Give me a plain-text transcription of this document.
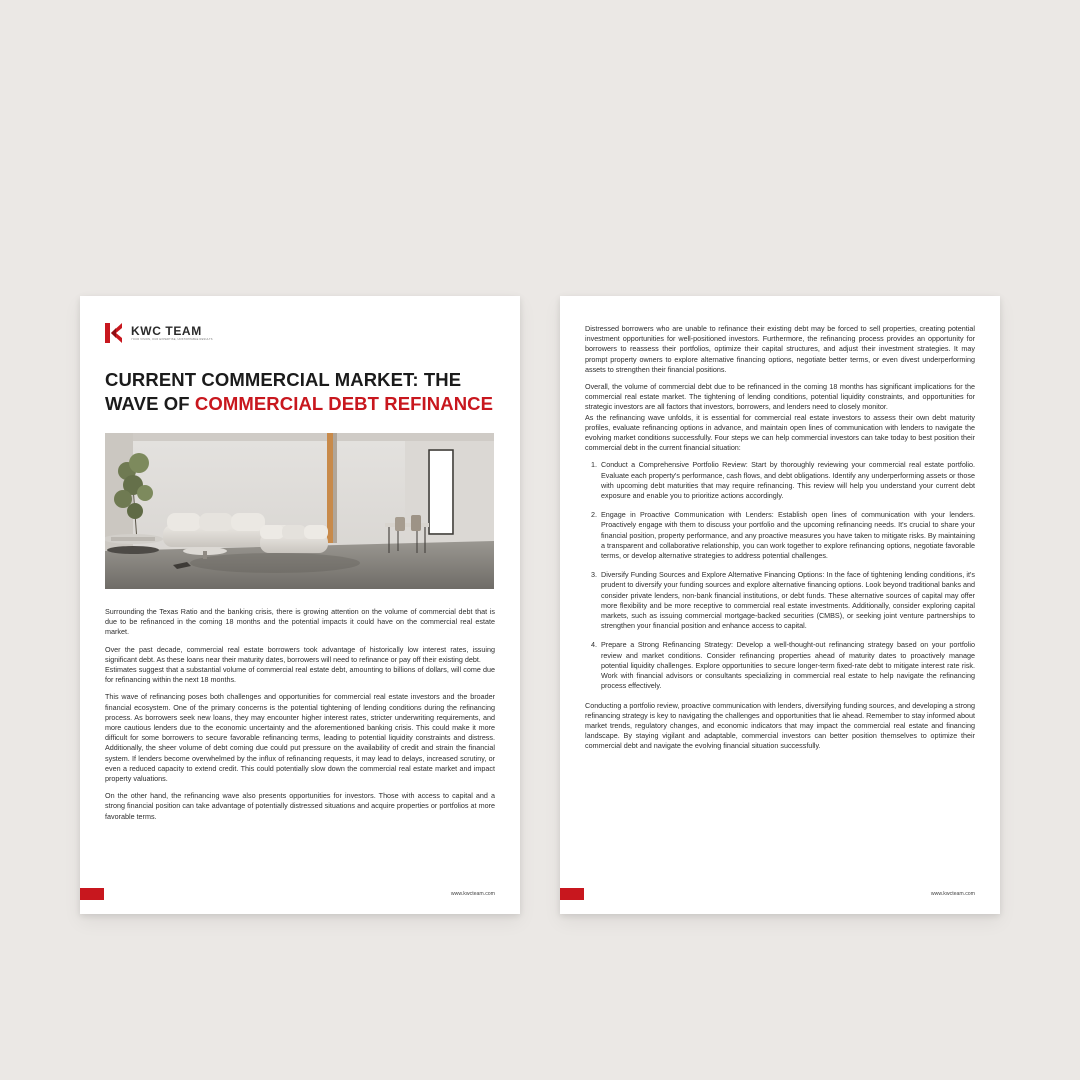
KWC TEAM
YOUR VISION, OUR EXPERTISE, UNSTOPPABLE RESULTS
CURRENT COMMERCIAL MARKET: THE WAVE OF COMMERCIAL DEBT REFINANCE

Surrounding the Texas Ratio and the banking crisis, there is growing attention on the volume of commercial debt that is due to be refinanced in the coming 18 months and the potential impacts it could have on the commercial real estate market.

Over the past decade, commercial real estate borrowers took advantage of historically low interest rates, issuing significant debt. As these loans near their maturity dates, borrowers will need to refinance or pay off their existing debt.

Estimates suggest that a substantial volume of commercial real estate debt, amounting to billions of dollars, will come due for refinancing within the next 18 months.

This wave of refinancing poses both challenges and opportunities for commercial real estate investors and the broader financial ecosystem. One of the primary concerns is the potential tightening of lending conditions during the refinancing process. As borrowers seek new loans, they may encounter higher interest rates, stricter underwriting requirements, and more cautious lenders due to the economic uncertainty and the aforementioned banking crisis. This could make it more difficult for some borrowers to secure favorable refinancing terms, leading to potential liquidity constraints and distress. Additionally, the sheer volume of debt coming due could put pressure on the availability of credit and strain the financial system. If lenders become overwhelmed by the influx of refinancing requests, it may lead to delays, increased scrutiny, or even a reduced capacity to extend credit. This could potentially slow down the commercial real estate market and impact property valuations.

On the other hand, the refinancing wave also presents opportunities for investors. Those with access to capital and a strong financial position can take advantage of potentially distressed situations and acquire properties or portfolios at more favorable terms.

www.kwcteam.com

Distressed borrowers who are unable to refinance their existing debt may be forced to sell properties, creating potential investment opportunities for well-positioned investors. Furthermore, the refinancing process provides an opportunity for borrowers to reassess their portfolios, optimize their capital structures, and adjust their investment strategies. It may prompt property owners to explore alternative financing options, negotiate better terms, or even divest underperforming assets to strengthen their financial positions.

Overall, the volume of commercial debt due to be refinanced in the coming 18 months has significant implications for the commercial real estate market. The tightening of lending conditions, potential liquidity constraints, and opportunities for strategic investors are all factors that investors, borrowers, and lenders need to closely monitor.

As the refinancing wave unfolds, it is essential for commercial real estate investors to assess their own debt maturity profiles, evaluate refinancing options in advance, and maintain open lines of communication with lenders to navigate the evolving market conditions successfully. Four steps we can help commercial investors can take today to best position their commercial debt in the current financial situation:

1. Conduct a Comprehensive Portfolio Review: Start by thoroughly reviewing your commercial real estate portfolio. Evaluate each property's performance, cash flows, and debt obligations. Identify any underperforming assets or those with upcoming debt maturities that may require refinancing. This review will help you understand your current debt exposure and enable you to prioritize actions accordingly.
2. Engage in Proactive Communication with Lenders: Establish open lines of communication with your lenders. Proactively engage with them to discuss your portfolio and the upcoming refinancing needs. It's crucial to share your financial position, property performance, and any proactive measures you have taken to mitigate risks. By maintaining a transparent and collaborative relationship, you can work together to explore refinancing options, negotiate favorable terms, or develop alternative strategies to address potential challenges.
3. Diversify Funding Sources and Explore Alternative Financing Options: In the face of tightening lending conditions, it's prudent to diversify your funding sources and explore alternative financing options. Look beyond traditional banks and consider private lenders, non-bank financial institutions, or debt funds. These alternative sources of capital may offer more flexibility and be more receptive to commercial real estate investments. Additionally, consider exploring capital markets, such as issuing commercial mortgage-backed securities (CMBS), or seeking joint venture partnerships to strengthen your financial position and enhance access to capital.
4. Prepare a Strong Refinancing Strategy: Develop a well-thought-out refinancing strategy based on your portfolio review and market conditions. Consider refinancing properties ahead of maturity dates to proactively manage potential liquidity challenges. Explore opportunities to secure longer-term fixed-rate debt to mitigate interest rate risk. Work with financial advisors or consultants specializing in commercial real estate to help navigate the refinancing process effectively.

Conducting a portfolio review, proactive communication with lenders, diversifying funding sources, and developing a strong refinancing strategy is key to navigating the challenges and opportunities that lie ahead. Remember to stay informed about market trends, regulatory changes, and economic indicators that may impact the commercial real estate and financing landscape. By staying vigilant and adaptable, commercial investors can better position themselves to optimize their commercial debt and navigate the evolving financial situation successfully.

www.kwcteam.com
